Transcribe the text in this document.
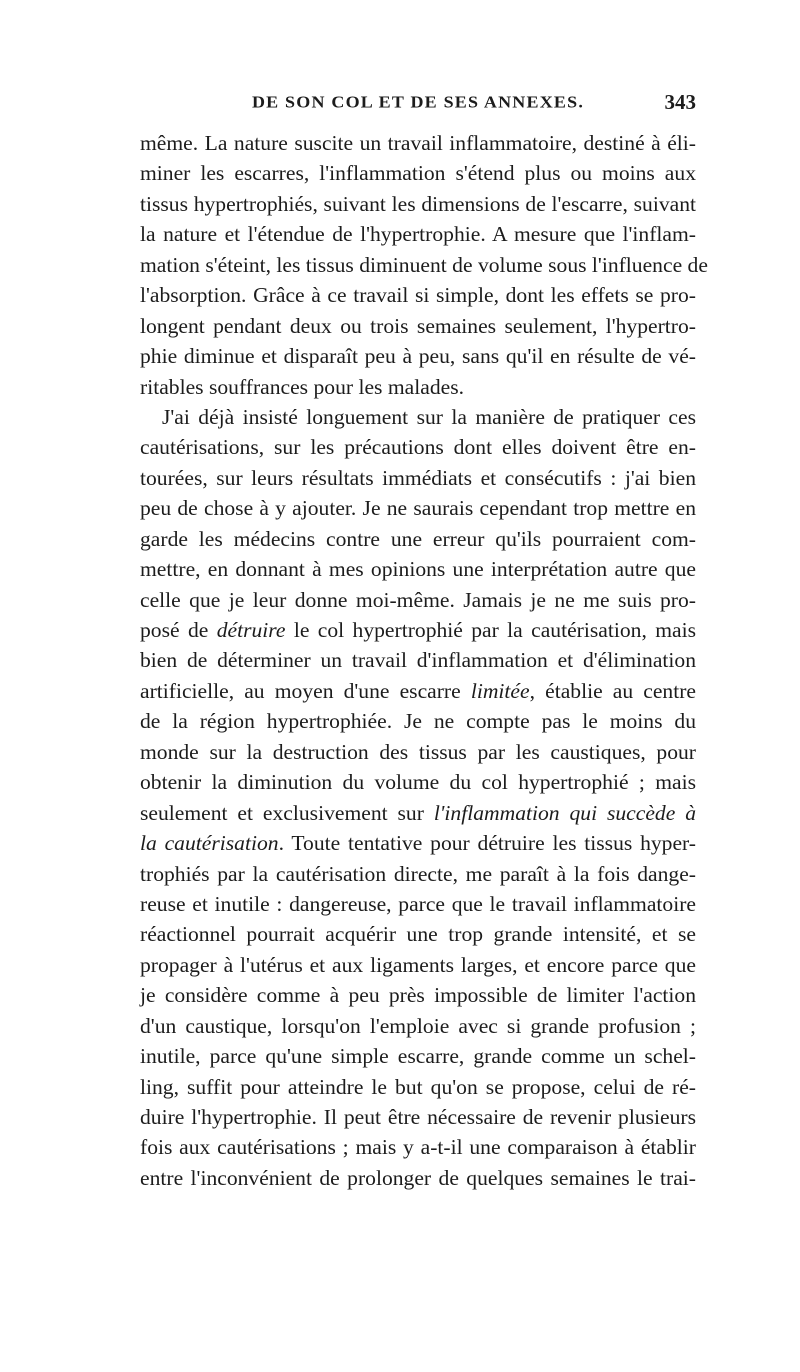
DE SON COL ET DE SES ANNEXES.	343
même. La nature suscite un travail inflammatoire, destiné à éli-
miner les escarres, l'inflammation s'étend plus ou moins aux
tissus hypertrophiés, suivant les dimensions de l'escarre, suivant
la nature et l'étendue de l'hypertrophie. A mesure que l'inflam-
mation s'éteint, les tissus diminuent de volume sous l'influence de
l'absorption. Grâce à ce travail si simple, dont les effets se pro-
longent pendant deux ou trois semaines seulement, l'hypertro-
phie diminue et disparaît peu à peu, sans qu'il en résulte de vé-
ritables souffrances pour les malades.
J'ai déjà insisté longuement sur la manière de pratiquer ces
cautérisations, sur les précautions dont elles doivent être en-
tourées, sur leurs résultats immédiats et consécutifs : j'ai bien
peu de chose à y ajouter. Je ne saurais cependant trop mettre en
garde les médecins contre une erreur qu'ils pourraient com-
mettre, en donnant à mes opinions une interprétation autre que
celle que je leur donne moi-même. Jamais je ne me suis pro-
posé de détruire le col hypertrophié par la cautérisation, mais
bien de déterminer un travail d'inflammation et d'élimination
artificielle, au moyen d'une escarre limitée, établie au centre
de la région hypertrophiée. Je ne compte pas le moins du
monde sur la destruction des tissus par les caustiques, pour
obtenir la diminution du volume du col hypertrophié ; mais
seulement et exclusivement sur l'inflammation qui succède à
la cautérisation. Toute tentative pour détruire les tissus hyper-
trophiés par la cautérisation directe, me paraît à la fois dange-
reuse et inutile : dangereuse, parce que le travail inflammatoire
réactionnel pourrait acquérir une trop grande intensité, et se
propager à l'utérus et aux ligaments larges, et encore parce que
je considère comme à peu près impossible de limiter l'action
d'un caustique, lorsqu'on l'emploie avec si grande profusion ;
inutile, parce qu'une simple escarre, grande comme un schel-
ling, suffit pour atteindre le but qu'on se propose, celui de ré-
duire l'hypertrophie. Il peut être nécessaire de revenir plusieurs
fois aux cautérisations ; mais y a-t-il une comparaison à établir
entre l'inconvénient de prolonger de quelques semaines le trai-
